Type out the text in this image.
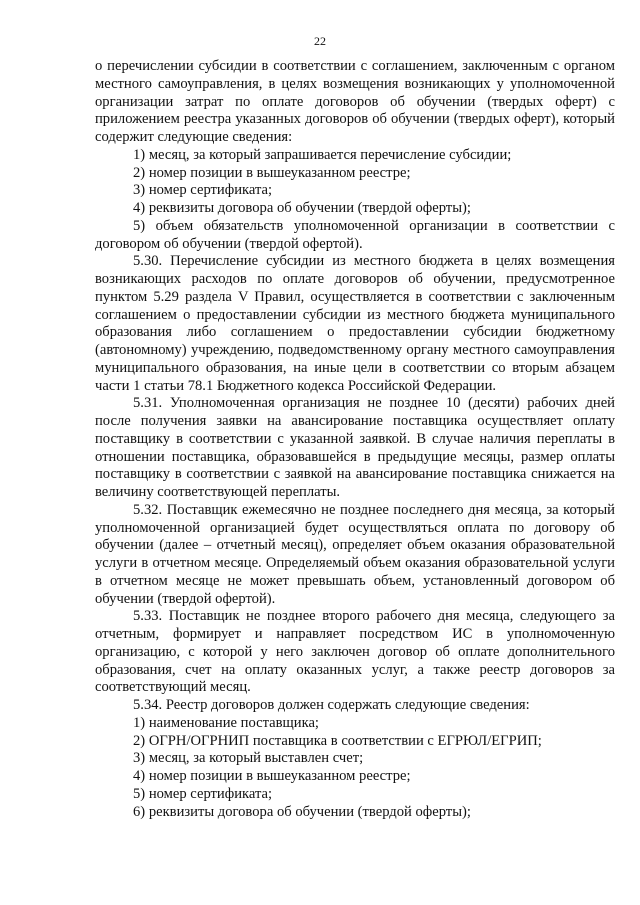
22

о перечислении субсидии в соответствии с соглашением, заключенным с органом местного самоуправления, в целях возмещения возникающих у уполномоченной организации затрат по оплате договоров об обучении (твердых оферт) с приложением реестра указанных договоров об обучении (твердых оферт), который содержит следующие сведения:

1) месяц, за который запрашивается перечисление субсидии;

2) номер позиции в вышеуказанном реестре;

3) номер сертификата;

4) реквизиты договора об обучении (твердой оферты);

5) объем обязательств уполномоченной организации в соответствии с договором об обучении (твердой офертой).

5.30. Перечисление субсидии из местного бюджета в целях возмещения возникающих расходов по оплате договоров об обучении, предусмотренное пунктом 5.29 раздела V Правил, осуществляется в соответствии с заключенным соглашением о предоставлении субсидии из местного бюджета муниципального образования либо соглашением о предоставлении субсидии бюджетному (автономному) учреждению, подведомственному органу местного самоуправления муниципального образования, на иные цели в соответствии со вторым абзацем части 1 статьи 78.1 Бюджетного кодекса Российской Федерации.

5.31. Уполномоченная организация не позднее 10 (десяти) рабочих дней после получения заявки на авансирование поставщика осуществляет оплату поставщику в соответствии с указанной заявкой. В случае наличия переплаты в отношении поставщика, образовавшейся в предыдущие месяцы, размер оплаты поставщику в соответствии с заявкой на авансирование поставщика снижается на величину соответствующей переплаты.

5.32. Поставщик ежемесячно не позднее последнего дня месяца, за который уполномоченной организацией будет осуществляться оплата по договору об обучении (далее – отчетный месяц), определяет объем оказания образовательной услуги в отчетном месяце. Определяемый объем оказания образовательной услуги в отчетном месяце не может превышать объем, установленный договором об обучении (твердой офертой).

5.33. Поставщик не позднее второго рабочего дня месяца, следующего за отчетным, формирует и направляет посредством ИС в уполномоченную организацию, с которой у него заключен договор об оплате дополнительного образования, счет на оплату оказанных услуг, а также реестр договоров за соответствующий месяц.

5.34. Реестр договоров должен содержать следующие сведения:

1) наименование поставщика;

2) ОГРН/ОГРНИП поставщика в соответствии с ЕГРЮЛ/ЕГРИП;

3) месяц, за который выставлен счет;

4) номер позиции в вышеуказанном реестре;

5) номер сертификата;

6) реквизиты договора об обучении (твердой оферты);
